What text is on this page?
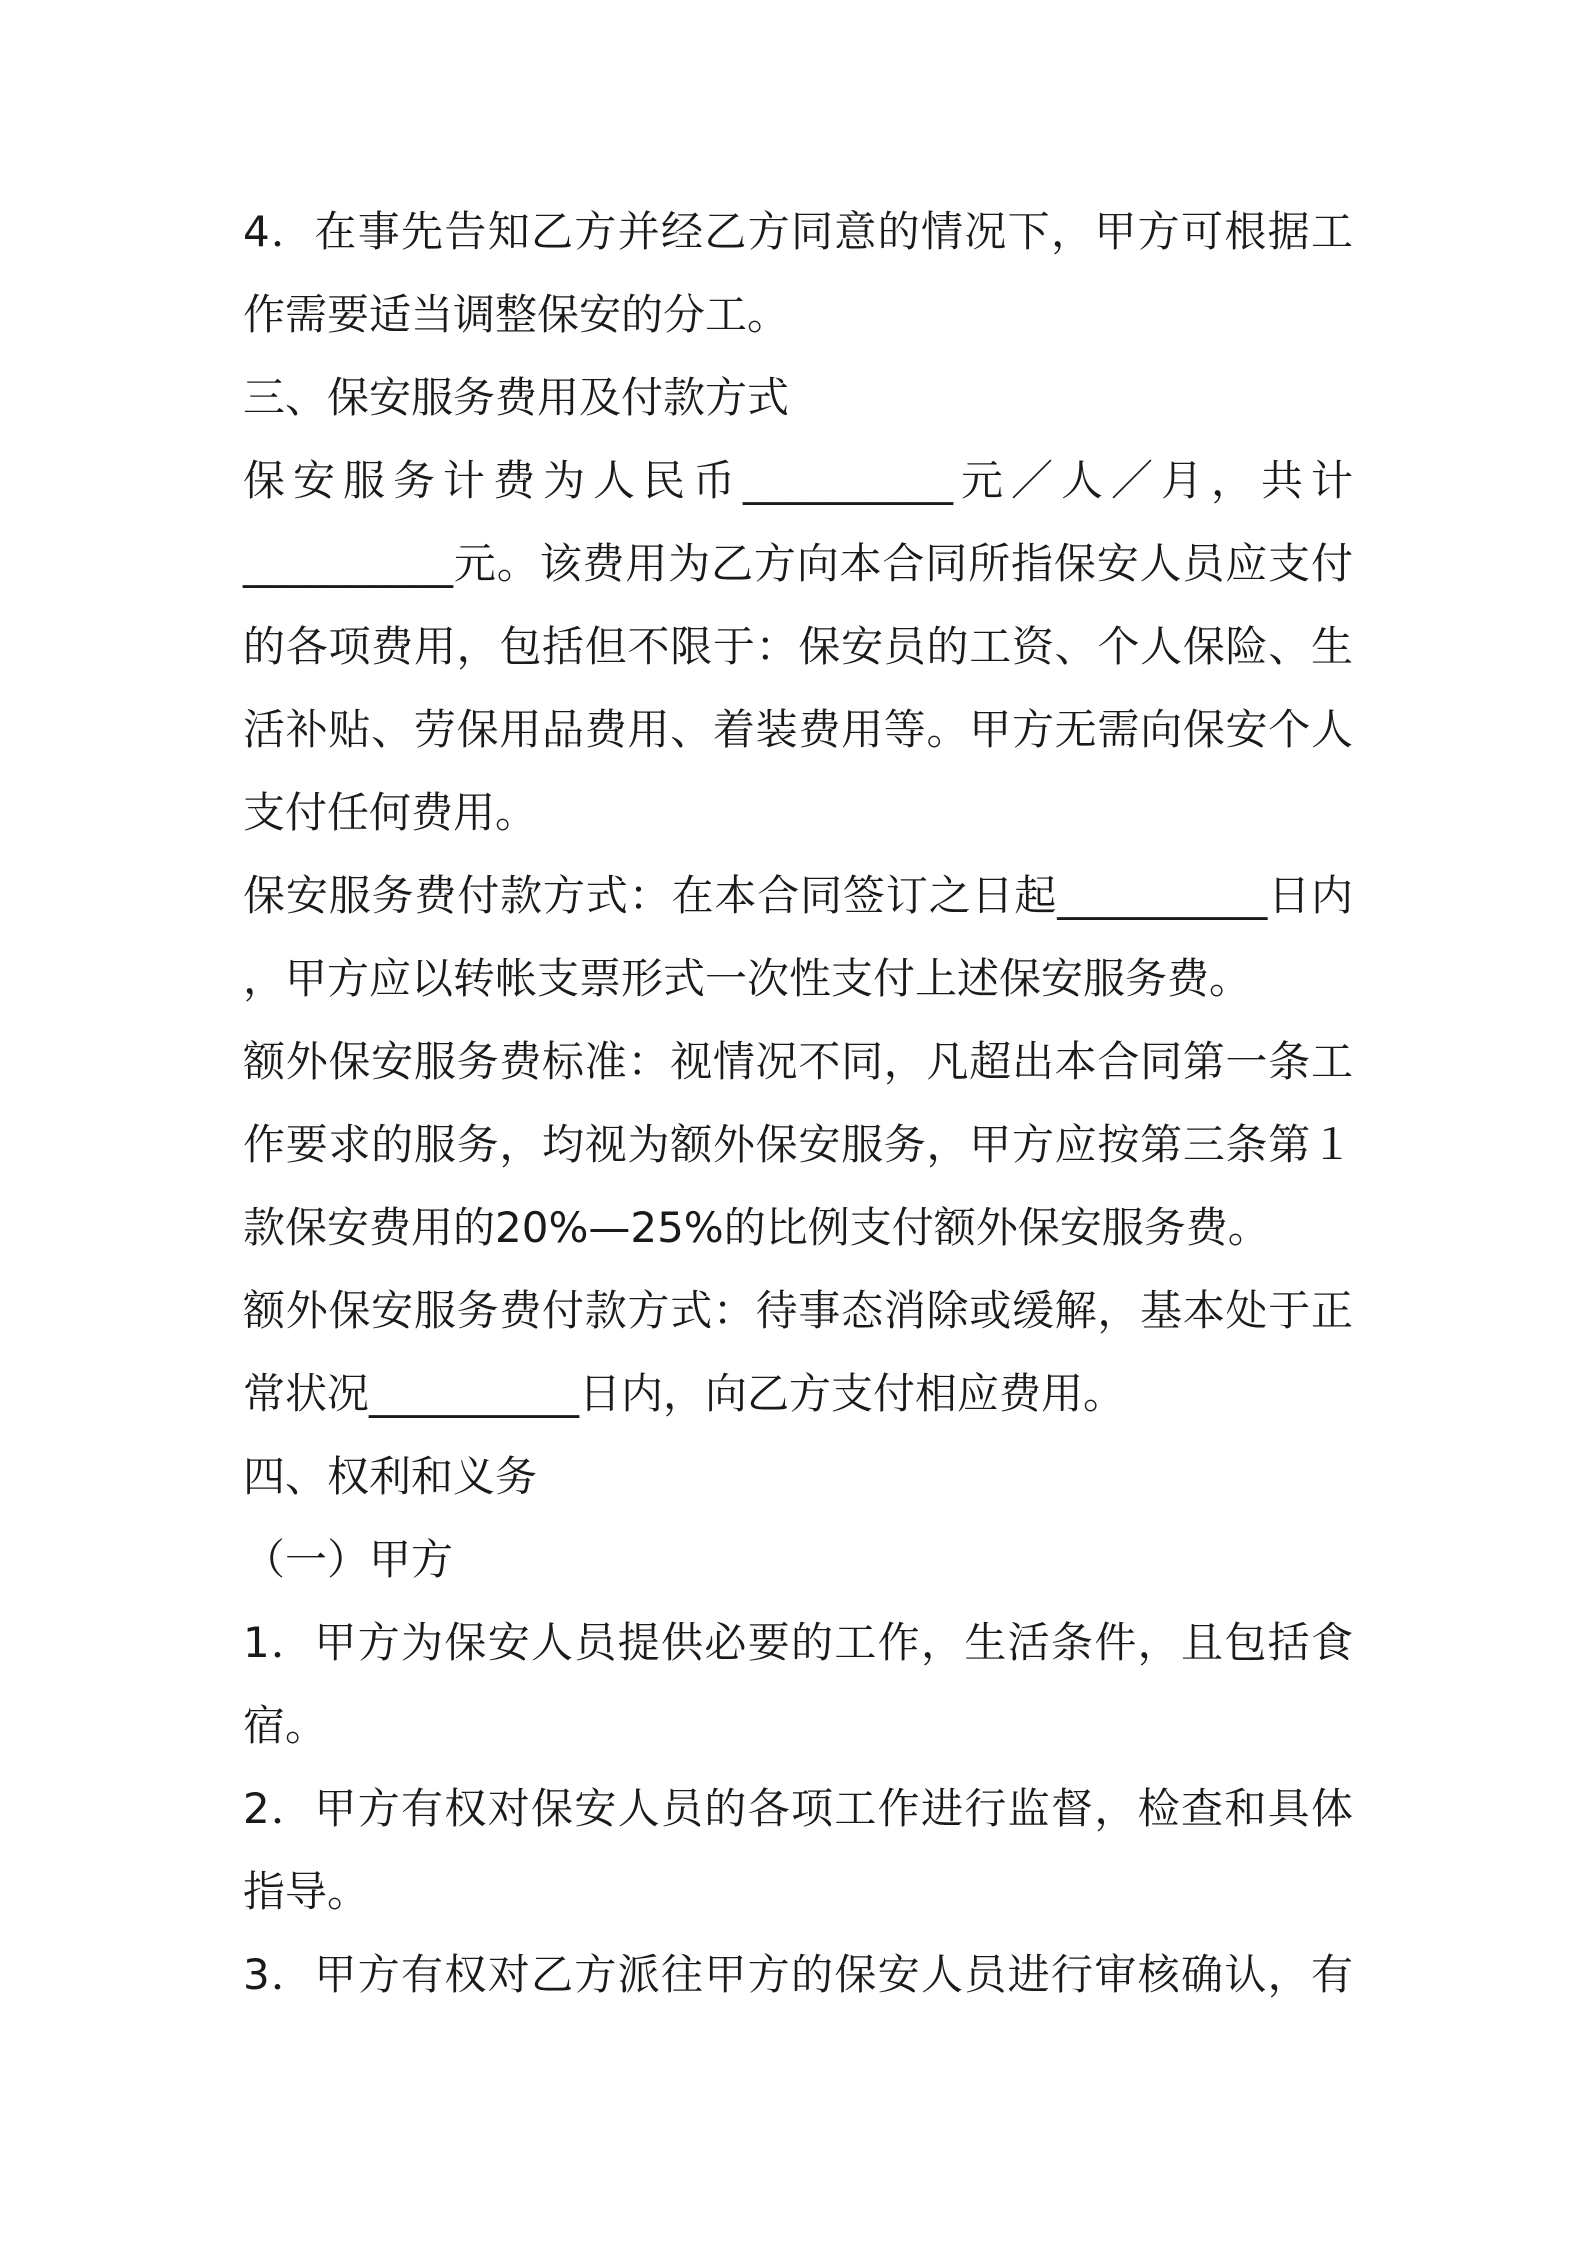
4．在事先告知乙方并经乙方同意的情况下，甲方可根据工
作需要适当调整保安的分工。
三、保安服务费用及付款方式
保安服务计费为人民币__________元／人／月，共计
__________元。该费用为乙方向本合同所指保安人员应支付
的各项费用，包括但不限于：保安员的工资、个人保险、生
活补贴、劳保用品费用、着装费用等。甲方无需向保安个人
支付任何费用。
保安服务费付款方式：在本合同签订之日起__________日内
，甲方应以转帐支票形式一次性支付上述保安服务费。
额外保安服务费标准：视情况不同，凡超出本合同第一条工
作要求的服务，均视为额外保安服务，甲方应按第三条第１
款保安费用的20%—25%的比例支付额外保安服务费。
额外保安服务费付款方式：待事态消除或缓解，基本处于正
常状况__________日内，向乙方支付相应费用。
四、权利和义务
（一）甲方
1．甲方为保安人员提供必要的工作，生活条件，且包括食
宿。
2．甲方有权对保安人员的各项工作进行监督，检查和具体
指导。
3．甲方有权对乙方派往甲方的保安人员进行审核确认，有
